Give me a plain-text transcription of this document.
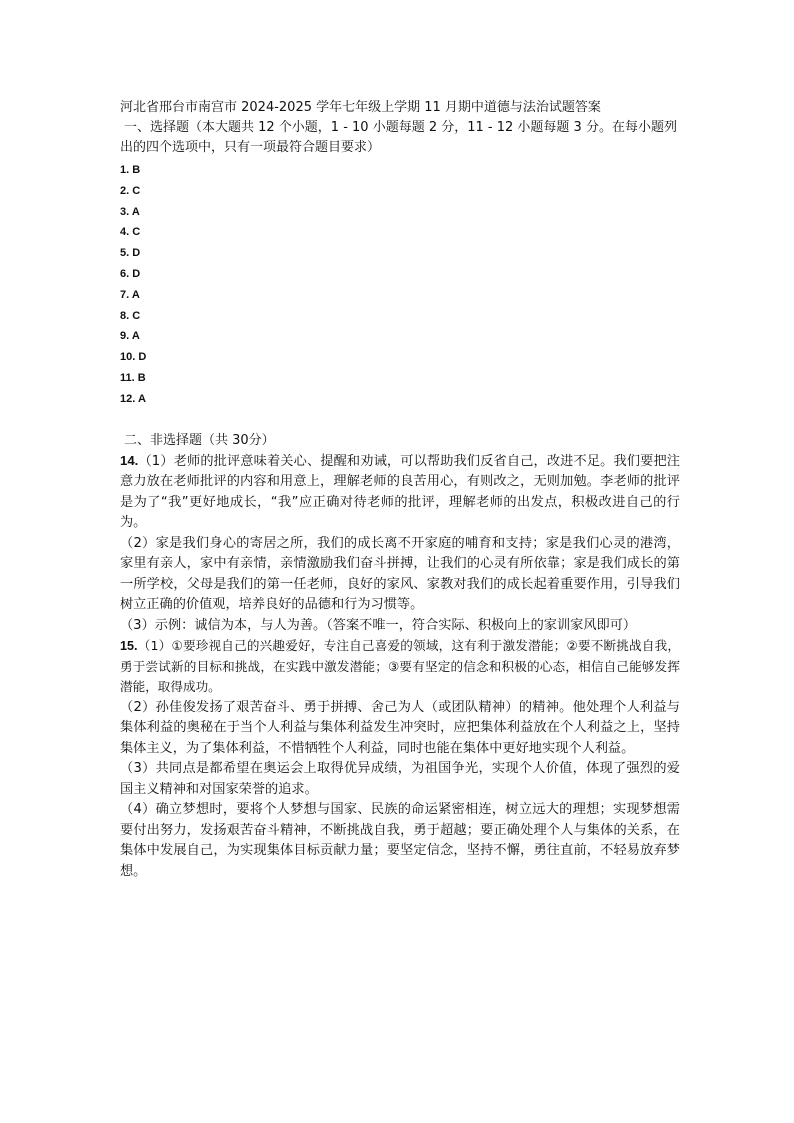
河北省邢台市南宫市 2024-2025 学年七年级上学期 11 月期中道德与法治试题答案
一、选择题（本大题共 12 个小题，1 - 10 小题每题 2 分，11 - 12 小题每题 3 分。在每小题列出的四个选项中，只有一项最符合题目要求）
1. B
2. C
3. A
4. C
5. D
6. D
7. A
8. C
9. A
10. D
11. B
12. A
二、非选择题（共 30分）

14.（1）老师的批评意味着关心、提醒和劝诫，可以帮助我们反省自己，改进不足。我们要把注意力放在老师批评的内容和用意上，理解老师的良苦用心，有则改之，无则加勉。李老师的批评是为了“我”更好地成长，“我”应正确对待老师的批评，理解老师的出发点，积极改进自己的行为。

（2）家是我们身心的寄居之所，我们的成长离不开家庭的哺育和支持；家是我们心灵的港湾，家里有亲人，家中有亲情，亲情激励我们奋斗拼搏，让我们的心灵有所依靠；家是我们成长的第一所学校，父母是我们的第一任老师，良好的家风、家教对我们的成长起着重要作用，引导我们树立正确的价值观，培养良好的品德和行为习惯等。

（3）示例：诚信为本，与人为善。（答案不唯一，符合实际、积极向上的家训家风即可）

15.（1）①要珍视自己的兴趣爱好，专注自己喜爱的领域，这有利于激发潜能；②要不断挑战自我，勇于尝试新的目标和挑战，在实践中激发潜能；③要有坚定的信念和积极的心态，相信自己能够发挥潜能，取得成功。

（2）孙佳俊发扬了艰苦奋斗、勇于拼搏、舍己为人（或团队精神）的精神。他处理个人利益与集体利益的奥秘在于当个人利益与集体利益发生冲突时，应把集体利益放在个人利益之上，坚持集体主义，为了集体利益，不惜牺牲个人利益，同时也能在集体中更好地实现个人利益。

（3）共同点是都希望在奥运会上取得优异成绩，为祖国争光，实现个人价值，体现了强烈的爱国主义精神和对国家荣誉的追求。

（4）确立梦想时，要将个人梦想与国家、民族的命运紧密相连，树立远大的理想；实现梦想需要付出努力，发扬艰苦奋斗精神，不断挑战自我，勇于超越；要正确处理个人与集体的关系，在集体中发展自己，为实现集体目标贡献力量；要坚定信念，坚持不懈，勇往直前，不轻易放弃梦想。
